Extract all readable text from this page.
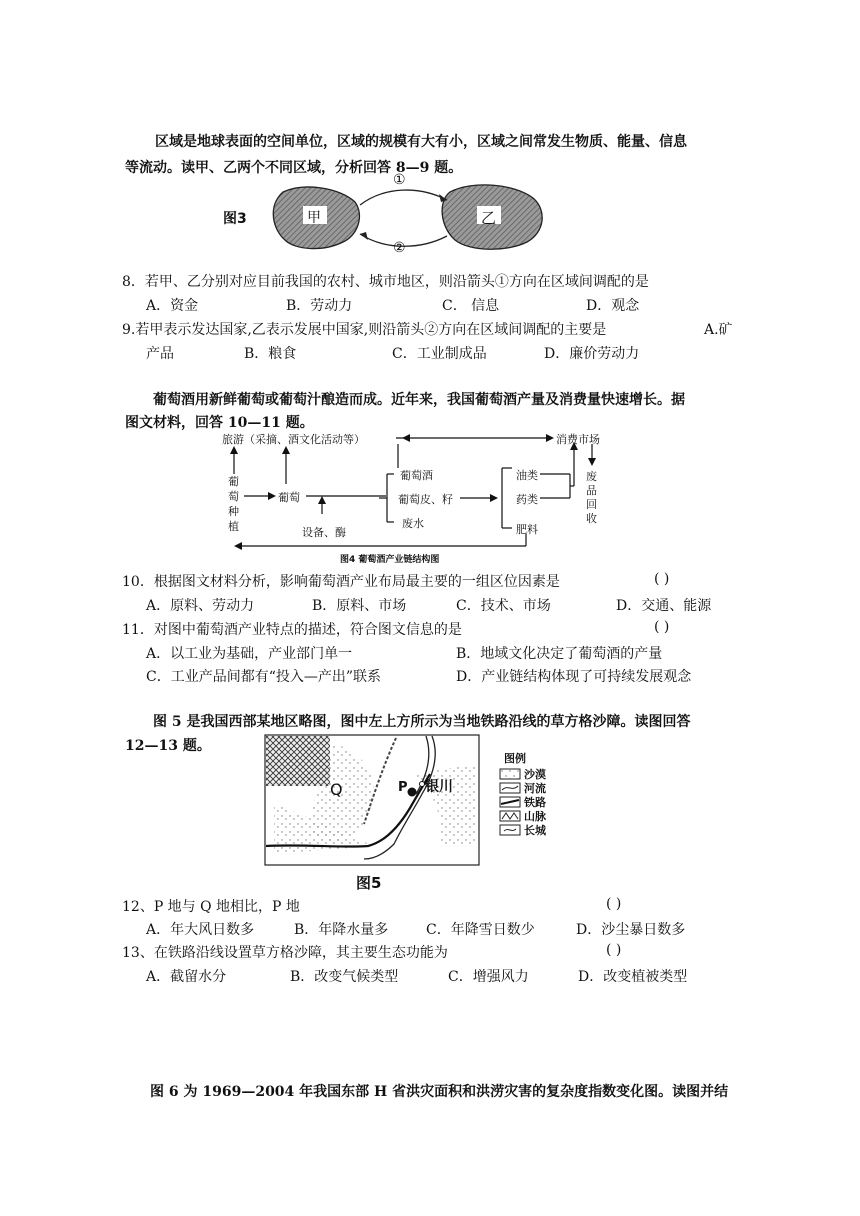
区域是地球表面的空间单位，区域的规模有大有小，区域之间常发生物质、能量、信息
等流动。读甲、乙两个不同区域，分析回答 8—9 题。
图3	甲	乙
①
②
8．若甲、乙分别对应目前我国的农村、城市地区，则沿箭头①方向在区域间调配的是
A．资金	B．劳动力	C． 信息	D．观念
9.若甲表示发达国家,乙表示发展中国家,则沿箭头②方向在区域间调配的主要是	A.矿
产品	B．粮食	C．工业制成品	D．廉价劳动力
葡萄酒用新鲜葡萄或葡萄汁酿造而成。近年来，我国葡萄酒产量及消费量快速增长。据
图文材料，回答 10—11 题。
旅游（采摘、酒文化活动等）	消费市场
葡
萄
种
植
葡萄
设备、酶
葡萄酒
葡萄皮、籽
废水
油类
药类
肥料
废
品
回
收
图4 葡萄酒产业链结构图
10．根据图文材料分析，影响葡萄酒产业布局最主要的一组区位因素是	( )
A．原料、劳动力	B．原料、市场	C．技术、市场	D．交通、能源
11．对图中葡萄酒产业特点的描述，符合图文信息的是	( )
A．以工业为基础，产业部门单一	B．地域文化决定了葡萄酒的产量
C．工业产品间都有“投入—产出”联系	D．产业链结构体现了可持续发展观念
图 5 是我国西部某地区略图，图中左上方所示为当地铁路沿线的草方格沙障。读图回答
12—13 题。
Q	P 银川
图例
沙漠
河流
铁路
山脉
长城
图5
12、P 地与 Q 地相比，P 地	( )
A．年大风日数多	B．年降水量多	C．年降雪日数少	D．沙尘暴日数多
13、在铁路沿线设置草方格沙障，其主要生态功能为	( )
A．截留水分	B．改变气候类型	C．增强风力	D．改变植被类型
图 6 为 1969—2004 年我国东部 H 省洪灾面积和洪涝灾害的复杂度指数变化图。读图并结
